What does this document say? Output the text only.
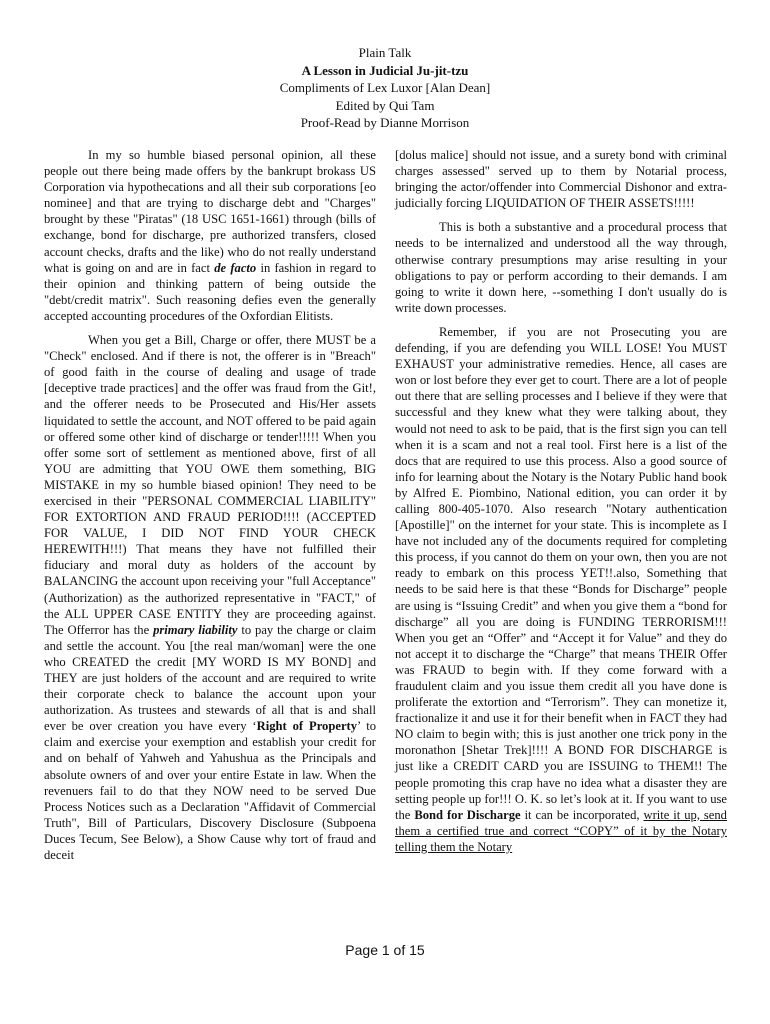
Plain Talk
A Lesson in Judicial Ju-jit-tzu
Compliments of Lex Luxor [Alan Dean]
Edited by Qui Tam
Proof-Read by Dianne Morrison

In my so humble biased personal opinion, all these people out there being made offers by the bankrupt brokass US Corporation via hypothecations and all their sub corporations [eo nominee] and that are trying to discharge debt and "Charges" brought by these "Piratas" (18 USC 1651-1661) through (bills of exchange, bond for discharge, pre authorized transfers, closed account checks, drafts and the like) who do not really understand what is going on and are in fact de facto in fashion in regard to their opinion and thinking pattern of being outside the "debt/credit matrix". Such reasoning defies even the generally accepted accounting procedures of the Oxfordian Elitists.

When you get a Bill, Charge or offer, there MUST be a "Check" enclosed. And if there is not, the offerer is in "Breach" of good faith in the course of dealing and usage of trade [deceptive trade practices] and the offer was fraud from the Git!, and the offerer needs to be Prosecuted and His/Her assets liquidated to settle the account, and NOT offered to be paid again or offered some other kind of discharge or tender!!!!! When you offer some sort of settlement as mentioned above, first of all YOU are admitting that YOU OWE them something, BIG MISTAKE in my so humble biased opinion! They need to be exercised in their "PERSONAL COMMERCIAL LIABILITY" FOR EXTORTION AND FRAUD PERIOD!!!! (ACCEPTED FOR VALUE, I DID NOT FIND YOUR CHECK HEREWITH!!!) That means they have not fulfilled their fiduciary and moral duty as holders of the account by BALANCING the account upon receiving your "full Acceptance" (Authorization) as the authorized representative in "FACT," of the ALL UPPER CASE ENTITY they are proceeding against. The Offerror has the primary liability to pay the charge or claim and settle the account. You [the real man/woman] were the one who CREATED the credit [MY WORD IS MY BOND] and THEY are just holders of the account and are required to write their corporate check to balance the account upon your authorization. As trustees and stewards of all that is and shall ever be over creation you have every ‘Right of Property’ to claim and exercise your exemption and establish your credit for and on behalf of Yahweh and Yahushua as the Principals and absolute owners of and over your entire Estate in law. When the revenuers fail to do that they NOW need to be served Due Process Notices such as a Declaration "Affidavit of Commercial Truth", Bill of Particulars, Discovery Disclosure (Subpoena Duces Tecum, See Below), a Show Cause why tort of fraud and deceit

[dolus malice] should not issue, and a surety bond with criminal charges assessed" served up to them by Notarial process, bringing the actor/offender into Commercial Dishonor and extra-judicially forcing LIQUIDATION OF THEIR ASSETS!!!!!

This is both a substantive and a procedural process that needs to be internalized and understood all the way through, otherwise contrary presumptions may arise resulting in your obligations to pay or perform according to their demands. I am going to write it down here, --something I don't usually do is write down processes.

Remember, if you are not Prosecuting you are defending, if you are defending you WILL LOSE! You MUST EXHAUST your administrative remedies. Hence, all cases are won or lost before they ever get to court. There are a lot of people out there that are selling processes and I believe if they were that successful and they knew what they were talking about, they would not need to ask to be paid, that is the first sign you can tell when it is a scam and not a real tool. First here is a list of the docs that are required to use this process. Also a good source of info for learning about the Notary is the Notary Public hand book by Alfred E. Piombino, National edition, you can order it by calling 800-405-1070. Also research "Notary authentication [Apostille]" on the internet for your state. This is incomplete as I have not included any of the documents required for completing this process, if you cannot do them on your own, then you are not ready to embark on this process YET!!.also, Something that needs to be said here is that these “Bonds for Discharge” people are using is “Issuing Credit” and when you give them a “bond for discharge” all you are doing is FUNDING TERRORISM!!! When you get an “Offer” and “Accept it for Value” and they do not accept it to discharge the “Charge” that means THEIR Offer was FRAUD to begin with. If they come forward with a fraudulent claim and you issue them credit all you have done is proliferate the extortion and “Terrorism”. They can monetize it, fractionalize it and use it for their benefit when in FACT they had NO claim to begin with; this is just another one trick pony in the moronathon [Shetar Trek]!!!! A BOND FOR DISCHARGE is just like a CREDIT CARD you are ISSUING to THEM!! The people promoting this crap have no idea what a disaster they are setting people up for!!! O. K. so let’s look at it. If you want to use the Bond for Discharge it can be incorporated, write it up, send them a certified true and correct “COPY” of it by the Notary telling them the Notary

Page 1 of 15
